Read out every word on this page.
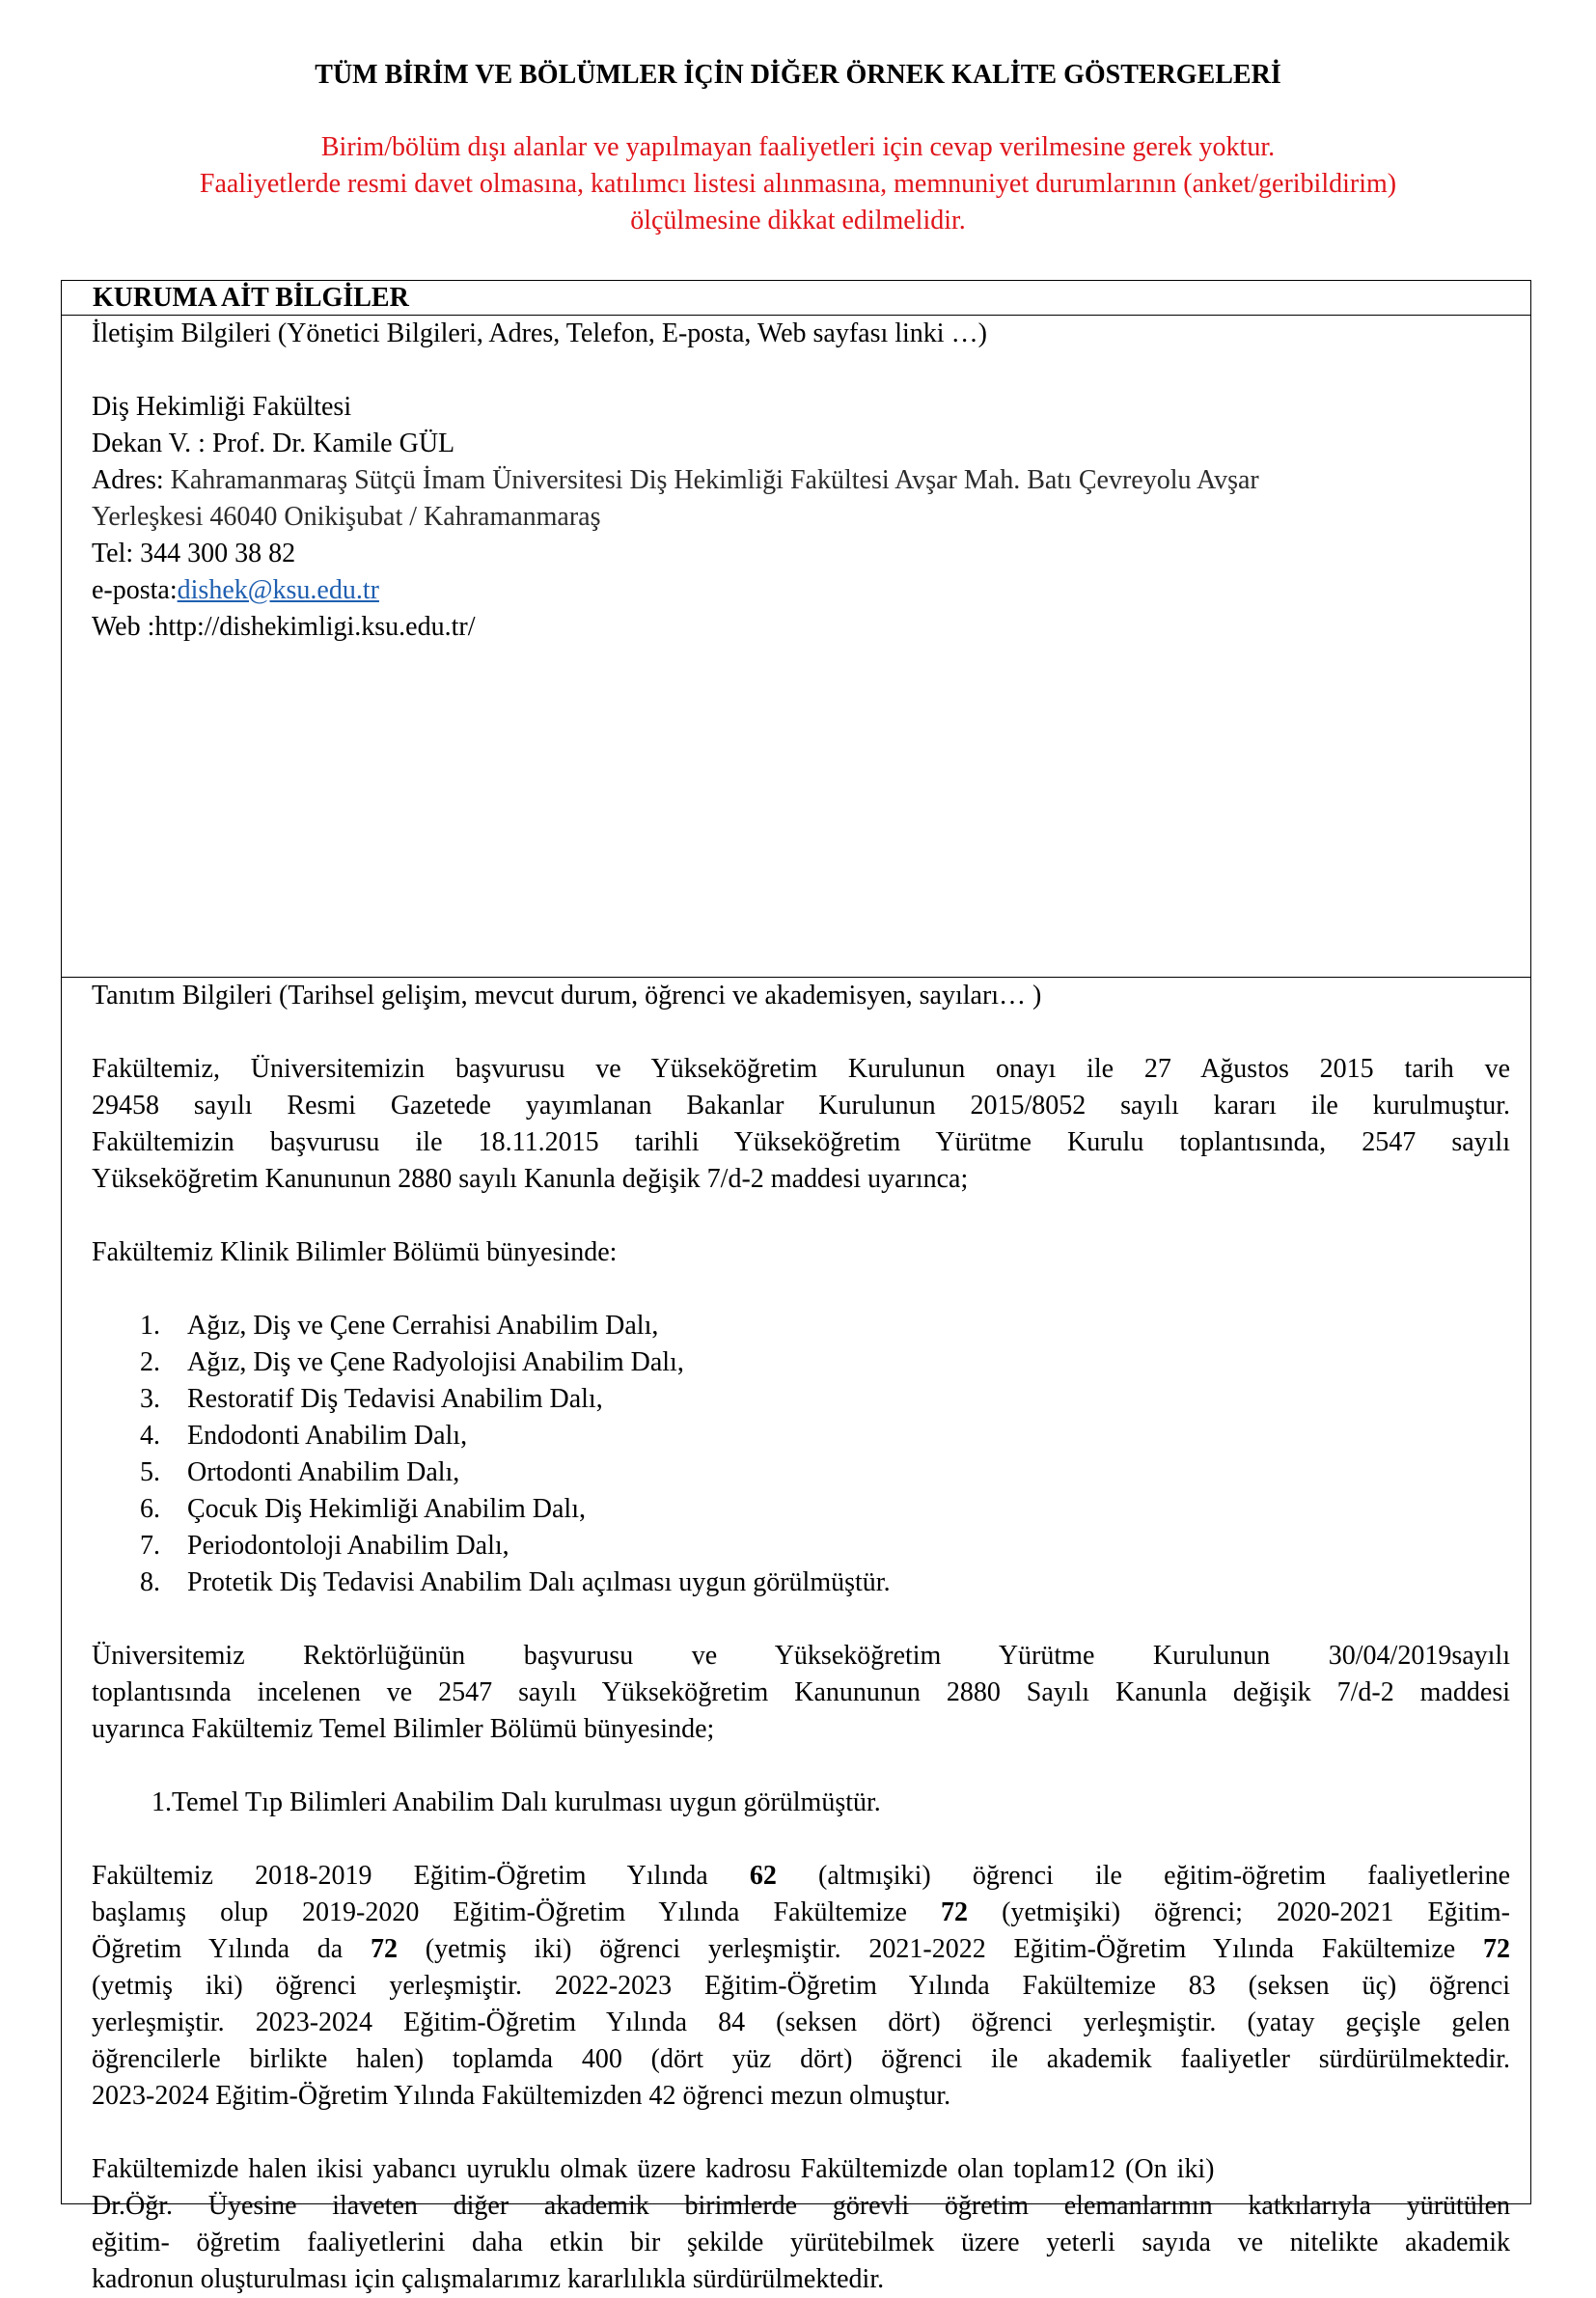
TÜM BİRİM VE BÖLÜMLER İÇİN DİĞER ÖRNEK KALİTE GÖSTERGELERİ
Birim/bölüm dışı alanlar ve yapılmayan faaliyetleri için cevap verilmesine gerek yoktur.
Faaliyetlerde resmi davet olmasına, katılımcı listesi alınmasına, memnuniyet durumlarının (anket/geribildirim)
ölçülmesine dikkat edilmelidir.
KURUMA AİT BİLGİLER
İletişim Bilgileri (Yönetici Bilgileri, Adres, Telefon, E-posta, Web sayfası linki …)
Diş Hekimliği Fakültesi
Dekan V. : Prof. Dr. Kamile GÜL
Adres: Kahramanmaraş Sütçü İmam Üniversitesi Diş Hekimliği Fakültesi Avşar Mah. Batı Çevreyolu Avşar
Yerleşkesi 46040 Onikişubat / Kahramanmaraş
Tel: 344 300 38 82
e-posta:dishek@ksu.edu.tr
Web :http://dishekimligi.ksu.edu.tr/
Tanıtım Bilgileri (Tarihsel gelişim, mevcut durum, öğrenci ve akademisyen, sayıları… )

Fakültemiz, Üniversitemizin başvurusu ve Yükseköğretim Kurulunun onayı ile 27 Ağustos 2015 tarih ve

29458 sayılı Resmi Gazetede yayımlanan Bakanlar Kurulunun 2015/8052 sayılı kararı ile kurulmuştur.

Fakültemizin başvurusu ile 18.11.2015 tarihli Yükseköğretim Yürütme Kurulu toplantısında, 2547 sayılı

Yükseköğretim Kanununun 2880 sayılı Kanunla değişik 7/d-2 maddesi uyarınca;

Fakültemiz Klinik Bilimler Bölümü bünyesinde:
1.	Ağız, Diş ve Çene Cerrahisi Anabilim Dalı,
2.	Ağız, Diş ve Çene Radyolojisi Anabilim Dalı,
3.	Restoratif Diş Tedavisi Anabilim Dalı,
4.	Endodonti Anabilim Dalı,
5.	Ortodonti Anabilim Dalı,
6.	Çocuk Diş Hekimliği Anabilim Dalı,
7.	Periodontoloji Anabilim Dalı,
8.	Protetik Diş Tedavisi Anabilim Dalı açılması uygun görülmüştür.

Üniversitemiz Rektörlüğünün başvurusu ve Yükseköğretim Yürütme Kurulunun 30/04/2019sayılı

toplantısında incelenen ve 2547 sayılı Yükseköğretim Kanununun 2880 Sayılı Kanunla değişik 7/d-2 maddesi

uyarınca Fakültemiz Temel Bilimler Bölümü bünyesinde;

1.Temel Tıp Bilimleri Anabilim Dalı kurulması uygun görülmüştür.

Fakültemiz 2018-2019 Eğitim-Öğretim Yılında 62 (altmışiki) öğrenci ile eğitim-öğretim faaliyetlerine

başlamış olup 2019-2020 Eğitim-Öğretim Yılında Fakültemize 72 (yetmişiki) öğrenci; 2020-2021 Eğitim-

Öğretim Yılında da 72 (yetmiş iki) öğrenci yerleşmiştir. 2021-2022 Eğitim-Öğretim Yılında Fakültemize 72

(yetmiş iki) öğrenci yerleşmiştir. 2022-2023 Eğitim-Öğretim Yılında Fakültemize 83 (seksen üç) öğrenci

yerleşmiştir. 2023-2024 Eğitim-Öğretim Yılında 84 (seksen dört) öğrenci yerleşmiştir. (yatay geçişle gelen

öğrencilerle birlikte halen) toplamda 400 (dört yüz dört) öğrenci ile akademik faaliyetler sürdürülmektedir.

2023-2024 Eğitim-Öğretim Yılında Fakültemizden 42 öğrenci mezun olmuştur.

Fakültemizde halen ikisi yabancı uyruklu olmak üzere kadrosu Fakültemizde olan toplam12 (On iki)

Dr.Öğr. Üyesine ilaveten diğer akademik birimlerde görevli öğretim elemanlarının katkılarıyla yürütülen

eğitim- öğretim faaliyetlerini daha etkin bir şekilde yürütebilmek üzere yeterli sayıda ve nitelikte akademik

kadronun oluşturulması için çalışmalarımız kararlılıkla sürdürülmektedir.
